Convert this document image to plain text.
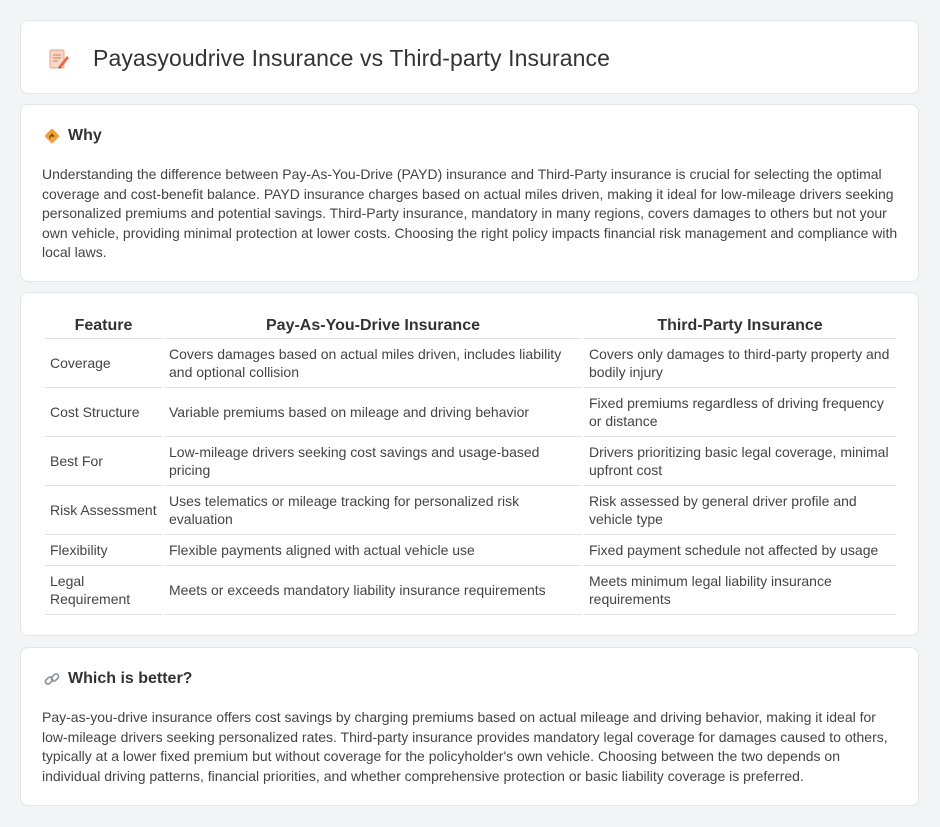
Payasyoudrive Insurance vs Third-party Insurance
Why

Understanding the difference between Pay-As-You-Drive (PAYD) insurance and Third-Party insurance is crucial for selecting the optimal coverage and cost-benefit balance. PAYD insurance charges based on actual miles driven, making it ideal for low-mileage drivers seeking personalized premiums and potential savings. Third-Party insurance, mandatory in many regions, covers damages to others but not your own vehicle, providing minimal protection at lower costs. Choosing the right policy impacts financial risk management and compliance with local laws.

Feature	Pay-As-You-Drive Insurance	Third-Party Insurance
Coverage	Covers damages based on actual miles driven, includes liability and optional collision	Covers only damages to third-party property and bodily injury
Cost Structure	Variable premiums based on mileage and driving behavior	Fixed premiums regardless of driving frequency or distance
Best For	Low-mileage drivers seeking cost savings and usage-based pricing	Drivers prioritizing basic legal coverage, minimal upfront cost
Risk Assessment	Uses telematics or mileage tracking for personalized risk evaluation	Risk assessed by general driver profile and vehicle type
Flexibility	Flexible payments aligned with actual vehicle use	Fixed payment schedule not affected by usage
Legal Requirement	Meets or exceeds mandatory liability insurance requirements	Meets minimum legal liability insurance requirements
Which is better?

Pay-as-you-drive insurance offers cost savings by charging premiums based on actual mileage and driving behavior, making it ideal for low-mileage drivers seeking personalized rates. Third-party insurance provides mandatory legal coverage for damages caused to others, typically at a lower fixed premium but without coverage for the policyholder's own vehicle. Choosing between the two depends on individual driving patterns, financial priorities, and whether comprehensive protection or basic liability coverage is preferred.
